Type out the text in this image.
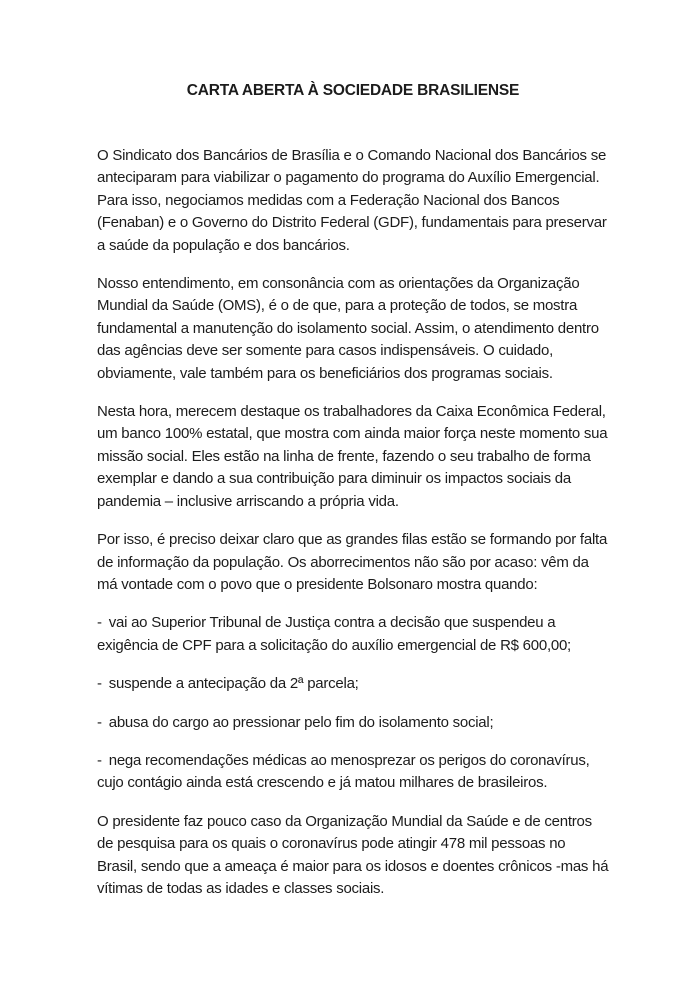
CARTA ABERTA À SOCIEDADE BRASILIENSE

O Sindicato dos Bancários de Brasília e o Comando Nacional dos Bancários se anteciparam para viabilizar o pagamento do programa do Auxílio Emergencial. Para isso, negociamos medidas com a Federação Nacional dos Bancos (Fenaban) e o Governo do Distrito Federal (GDF), fundamentais para preservar a saúde da população e dos bancários.

Nosso entendimento, em consonância com as orientações da Organização Mundial da Saúde (OMS), é o de que, para a proteção de todos, se mostra fundamental a manutenção do isolamento social. Assim, o atendimento dentro das agências deve ser somente para casos indispensáveis. O cuidado, obviamente, vale também para os beneficiários dos programas sociais.

Nesta hora, merecem destaque os trabalhadores da Caixa Econômica Federal, um banco 100% estatal, que mostra com ainda maior força neste momento sua missão social. Eles estão na linha de frente, fazendo o seu trabalho de forma exemplar e dando a sua contribuição para diminuir os impactos sociais da pandemia – inclusive arriscando a própria vida.

Por isso, é preciso deixar claro que as grandes filas estão se formando por falta de informação da população. Os aborrecimentos não são por acaso: vêm da má vontade com o povo que o presidente Bolsonaro mostra quando:

- vai ao Superior Tribunal de Justiça contra a decisão que suspendeu a exigência de CPF para a solicitação do auxílio emergencial de R$ 600,00;

- suspende a antecipação da 2ª parcela;

- abusa do cargo ao pressionar pelo fim do isolamento social;

- nega recomendações médicas ao menosprezar os perigos do coronavírus, cujo contágio ainda está crescendo e já matou milhares de brasileiros.

O presidente faz pouco caso da Organização Mundial da Saúde e de centros de pesquisa para os quais o coronavírus pode atingir 478 mil pessoas no Brasil, sendo que a ameaça é maior para os idosos e doentes crônicos -mas há vítimas de todas as idades e classes sociais.
